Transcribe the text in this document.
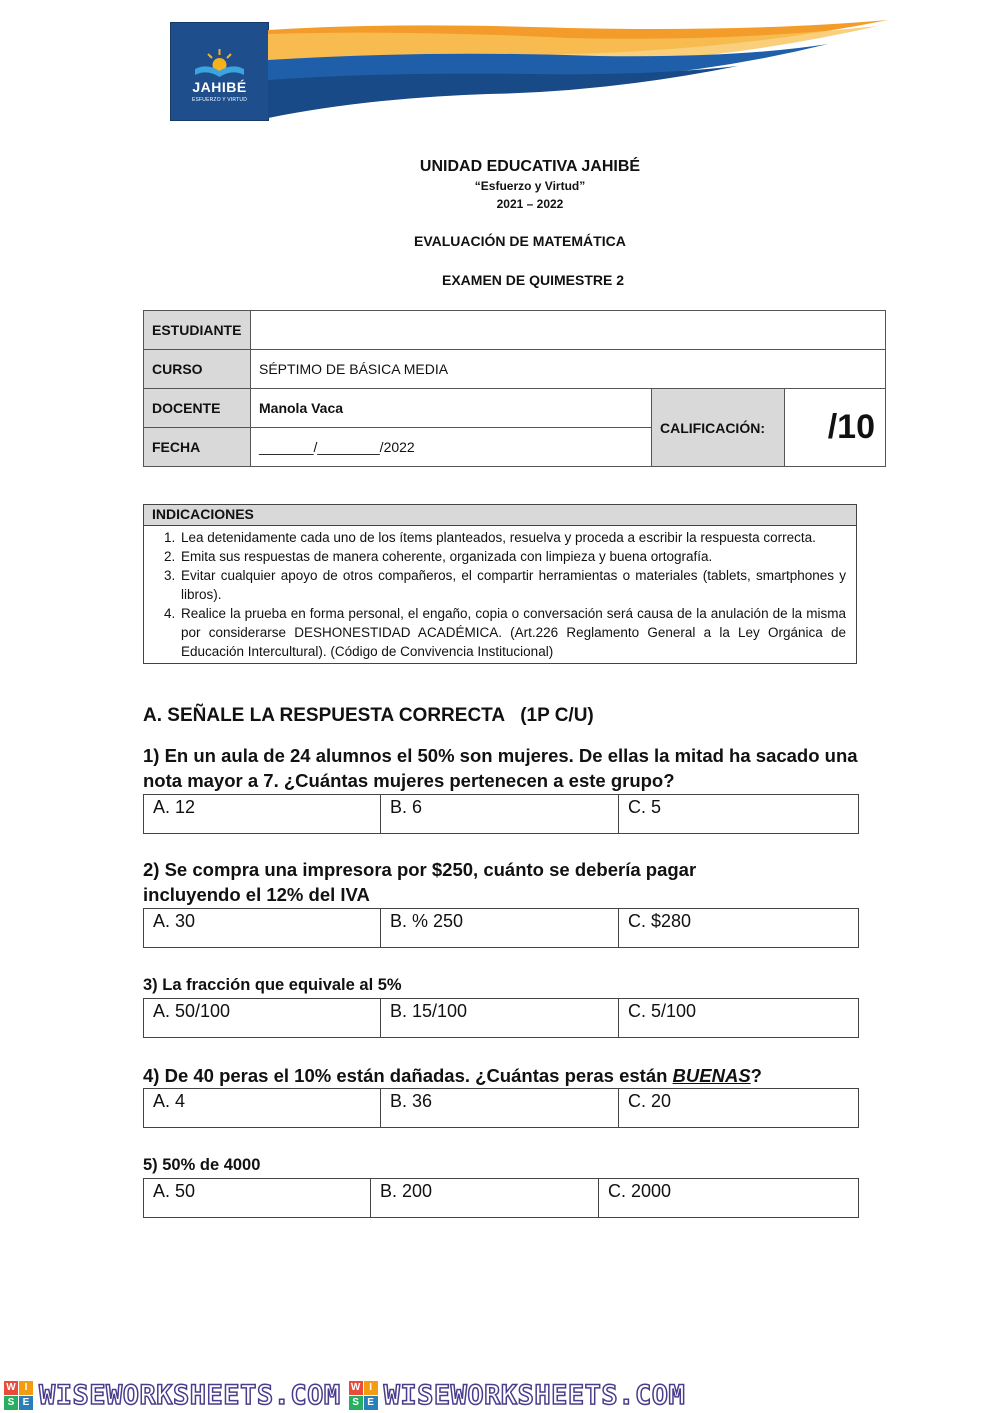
JAHIBÉ
ESFUERZO Y VIRTUD
UNIDAD EDUCATIVA JAHIBÉ
“Esfuerzo y Virtud”
2021 – 2022
EVALUACIÓN DE MATEMÁTICA
EXAMEN DE QUIMESTRE 2
ESTUDIANTE			
CURSO	SÉPTIMO DE BÁSICA MEDIA		
DOCENTE	Manola Vaca	CALIFICACIÓN:	/10
FECHA	_______/________/2022		
INDICACIONES
1. Lea detenidamente cada uno de los ítems planteados, resuelva y proceda a escribir la respuesta correcta.
2. Emita sus respuestas de manera coherente, organizada con limpieza y buena ortografía.
3. Evitar cualquier apoyo de otros compañeros, el compartir herramientas o materiales (tablets, smartphones y libros).
4. Realice la prueba en forma personal, el engaño, copia o conversación será causa de la anulación de la misma por considerarse DESHONESTIDAD ACADÉMICA. (Art.226 Reglamento General a la Ley Orgánica de Educación Intercultural). (Código de Convivencia Institucional)
A. SEÑALE LA RESPUESTA CORRECTA   (1P C/U)
1) En un aula de 24 alumnos el 50% son mujeres. De ellas la mitad ha sacado una nota mayor a 7. ¿Cuántas mujeres pertenecen a este grupo?
A. 12	B. 6	C. 5
2) Se compra una impresora por $250, cuánto se debería pagar incluyendo el 12% del IVA
A. 30	B. % 250	C. $280
3) La fracción que equivale al 5%
A. 50/100	B. 15/100	C. 5/100
4) De 40 peras el 10% están dañadas. ¿Cuántas peras están BUENAS?
A. 4	B. 36	C. 20
5) 50% de 4000
A. 50	B. 200	C. 2000
W I
S E WISEWORKSHEETS.COM W I
S E WISEWORKSHEETS.COM
